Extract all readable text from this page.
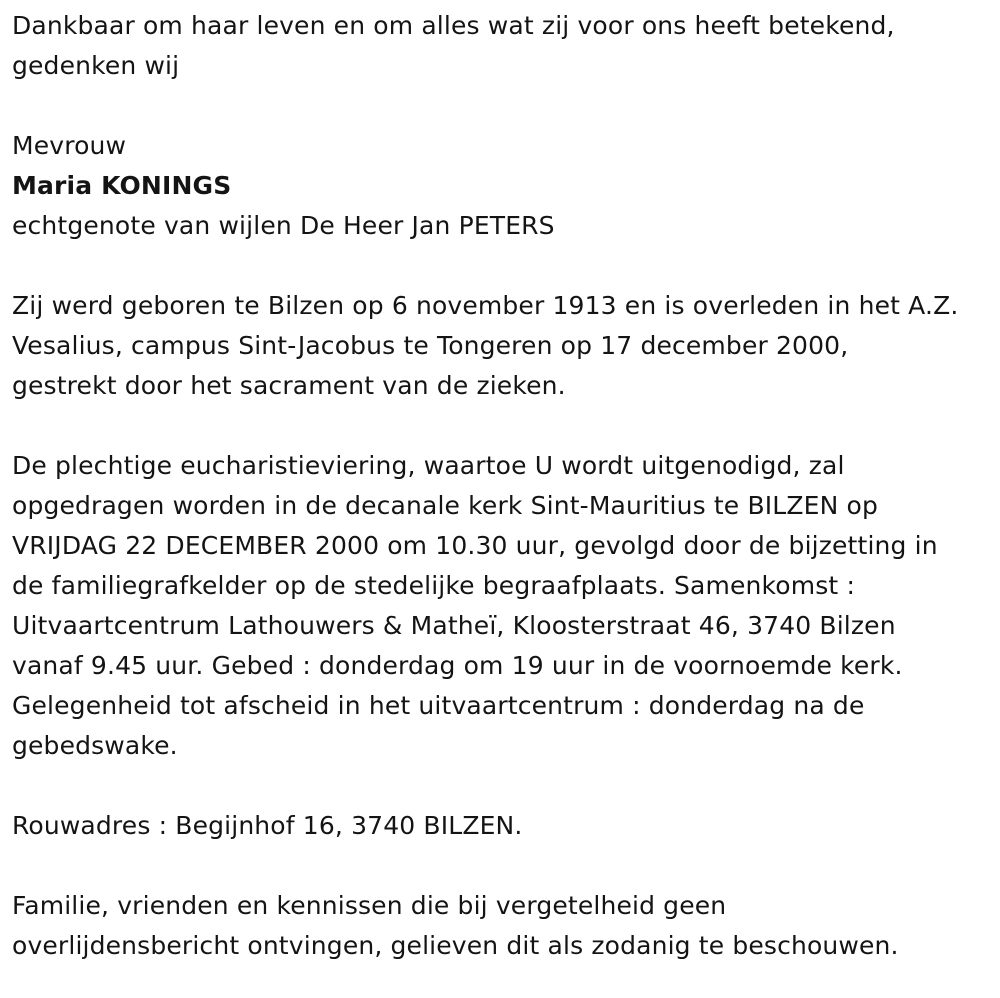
Dankbaar om haar leven en om alles wat zij voor ons heeft betekend,

gedenken wij

Mevrouw

Maria KONINGS

echtgenote van wijlen De Heer Jan PETERS

Zij werd geboren te Bilzen op 6 november 1913 en is overleden in het A.Z.

Vesalius, campus Sint-Jacobus te Tongeren op 17 december 2000,

gestrekt door het sacrament van de zieken.

De plechtige eucharistieviering, waartoe U wordt uitgenodigd, zal

opgedragen worden in de decanale kerk Sint-Mauritius te BILZEN op

VRIJDAG 22 DECEMBER 2000 om 10.30 uur, gevolgd door de bijzetting in

de familiegrafkelder op de stedelijke begraafplaats. Samenkomst :

Uitvaartcentrum Lathouwers & Matheï, Kloosterstraat 46, 3740 Bilzen

vanaf 9.45 uur. Gebed : donderdag om 19 uur in de voornoemde kerk.

Gelegenheid tot afscheid in het uitvaartcentrum : donderdag na de

gebedswake.

Rouwadres : Begijnhof 16, 3740 BILZEN.

Familie, vrienden en kennissen die bij vergetelheid geen

overlijdensbericht ontvingen, gelieven dit als zodanig te beschouwen.
